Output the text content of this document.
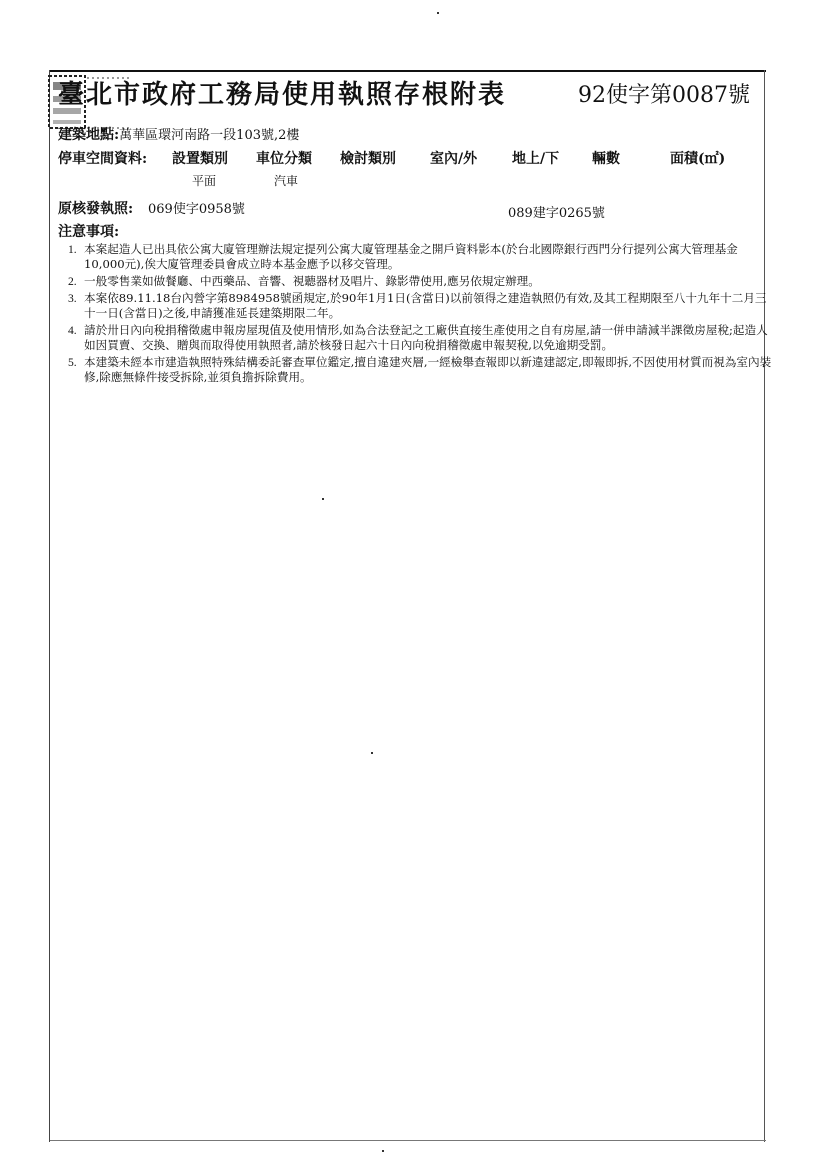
臺北市政府工務局使用執照存根附表	92使字第0087號
建築地點:萬華區環河南路一段103號,2樓
停車空間資料: 設置類別 車位分類 檢討類別 室內/外 地上/下 輛數	面積(㎡)
平面	汽車
原核發執照: 069使字0958號	089建字0265號
注意事項:
1. 本案起造人已出具依公寓大廈管理辦法規定提列公寓大廈管理基金之開戶資料影本(於台北國際銀行西門分行提列公寓大管理基金10,000元),俟大廈管理委員會成立時本基金應予以移交管理。
2. 一般零售業如做餐廳、中西藥品、音響、視聽器材及唱片、錄影帶使用,應另依規定辦理。
3. 本案依89.11.18台內營字第8984958號函規定,於90年1月1日(含當日)以前領得之建造執照仍有效,及其工程期限至八十九年十二月三十一日(含當日)之後,申請獲准延長建築期限二年。
4. 請於卅日內向稅捐稽徵處申報房屋現值及使用情形,如為合法登記之工廠供直接生產使用之自有房屋,請一併申請減半課徵房屋稅;起造人如因買賣、交換、贈與而取得使用執照者,請於核發日起六十日內向稅捐稽徵處申報契稅,以免逾期受罰。
5. 本建築未經本市建造執照特殊結構委託審查單位鑑定,擅自違建夾層,一經檢舉查報即以新違建認定,即報即拆,不因使用材質而視為室內裝修,除應無條件接受拆除,並須負擔拆除費用。
